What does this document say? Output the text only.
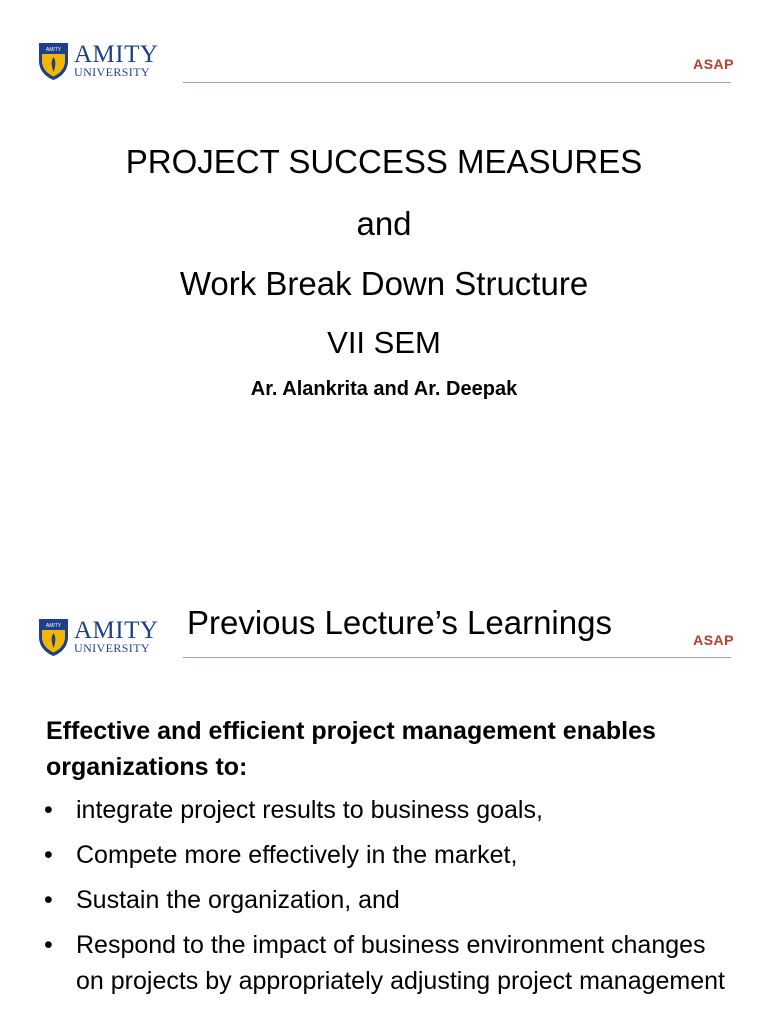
AMITY AMITY
UNIVERSITY	ASAP
PROJECT SUCCESS MEASURES
and
Work Break Down Structure
VII SEM
Ar. Alankrita and Ar. Deepak
AMITY AMITY
UNIVERSITY
Previous Lecture’s Learnings	ASAP
Effective and efficient project management enables organizations to:
• integrate project results to business goals,
• Compete more effectively in the market,
• Sustain the organization, and
• Respond to the impact of business environment changes on projects by appropriately adjusting project management
